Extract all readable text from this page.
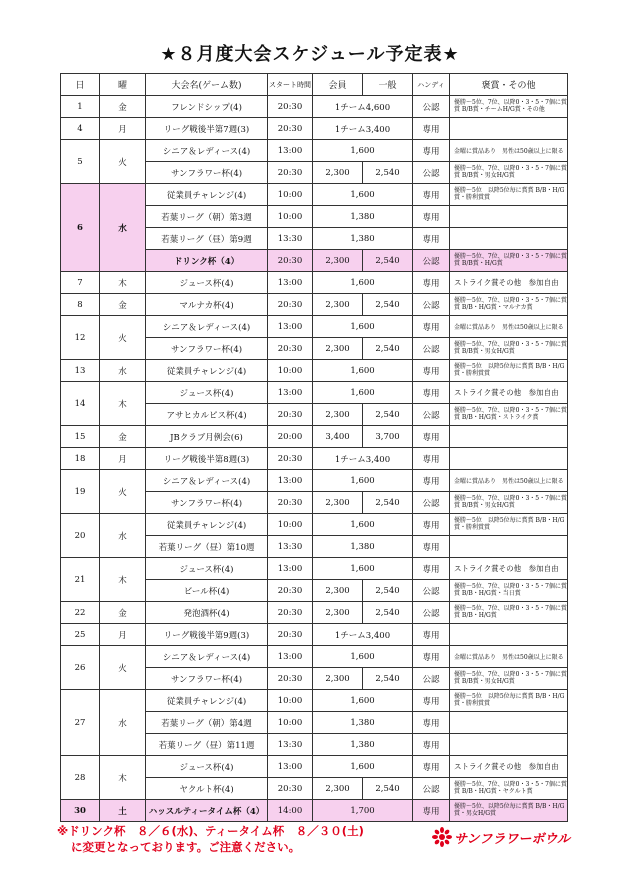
★８月度大会スケジュール予定表★
日	曜	大会名(ゲーム数)	スタート時間	会員	一般	ハンディ	褒賞・その他
1	金	フレンドシップ(4)	20:30	1チーム4,600		公認	優勝～5位、7位、以降0・3・5・7個に賞賞 B/B賞・チームH/G賞・その他
4	月	リーグ戦後半第7週(3)	20:30	1チーム3,400		専用	
5	火	シニア＆レディース(4)	13:00	1,600		専用	金曜に賞品あり　男性は50歳以上に限る
		サンフラワー杯(4)	20:30	2,300	2,540	公認	優勝～5位、7位、以降0・3・5・7個に賞賞 B/B賞・男女H/G賞
6	水	従業員チャレンジ(4)	10:00	1,600		専用	優勝～5位　以降5位毎に賞賞 B/B・H/G賞・勝利賞賞
		若葉リーグ（朝）第3週	10:00	1,380		専用	
		若葉リーグ（昼）第9週	13:30	1,380		専用	
		ドリンク杯（4）	20:30	2,300	2,540	公認	優勝～5位、7位、以降0・3・5・7個に賞賞 B/B賞・H/G賞
7	木	ジュース杯(4)	13:00	1,600		専用	ストライク賞その他　参加自由
8	金	マルナカ杯(4)	20:30	2,300	2,540	公認	優勝～5位、7位、以降0・3・5・7個に賞賞 B/B・H/G賞・マルナカ賞
12	火	シニア＆レディース(4)	13:00	1,600		専用	金曜に賞品あり　男性は50歳以上に限る
		サンフラワー杯(4)	20:30	2,300	2,540	公認	優勝～5位、7位、以降0・3・5・7個に賞賞 B/B賞・男女H/G賞
13	水	従業員チャレンジ(4)	10:00	1,600		専用	優勝～5位　以降5位毎に賞賞 B/B・H/G賞・勝利賞賞
14	木	ジュース杯(4)	13:00	1,600		専用	ストライク賞その他　参加自由
		アサヒカルピス杯(4)	20:30	2,300	2,540	公認	優勝～5位、7位、以降0・3・5・7個に賞賞 B/B・H/G賞・ストライク賞
15	金	JBクラブ月例会(6)	20:00	3,400	3,700	専用	
18	月	リーグ戦後半第8週(3)	20:30	1チーム3,400		専用	
19	火	シニア＆レディース(4)	13:00	1,600		専用	金曜に賞品あり　男性は50歳以上に限る
		サンフラワー杯(4)	20:30	2,300	2,540	公認	優勝～5位、7位、以降0・3・5・7個に賞賞 B/B賞・男女H/G賞
20	水	従業員チャレンジ(4)	10:00	1,600		専用	優勝～5位　以降5位毎に賞賞 B/B・H/G賞・勝利賞賞
		若葉リーグ（昼）第10週	13:30	1,380		専用	
21	木	ジュース杯(4)	13:00	1,600		専用	ストライク賞その他　参加自由
		ビール杯(4)	20:30	2,300	2,540	公認	優勝～5位、7位、以降0・3・5・7個に賞賞 B/B・H/G賞・当日賞
22	金	発泡酒杯(4)	20:30	2,300	2,540	公認	優勝～5位、7位、以降0・3・5・7個に賞賞 B/B・H/G賞
25	月	リーグ戦後半第9週(3)	20:30	1チーム3,400		専用	
26	火	シニア＆レディース(4)	13:00	1,600		専用	金曜に賞品あり　男性は50歳以上に限る
		サンフラワー杯(4)	20:30	2,300	2,540	公認	優勝～5位、7位、以降0・3・5・7個に賞賞 B/B賞・男女H/G賞
27	水	従業員チャレンジ(4)	10:00	1,600		専用	優勝～5位　以降5位毎に賞賞 B/B・H/G賞・勝利賞賞
		若葉リーグ（朝）第4週	10:00	1,380		専用	
		若葉リーグ（昼）第11週	13:30	1,380		専用	
28	木	ジュース杯(4)	13:00	1,600		専用	ストライク賞その他　参加自由
		ヤクルト杯(4)	20:30	2,300	2,540	公認	優勝～5位、7位、以降0・3・5・7個に賞賞 B/B・H/G賞・ヤクルト賞
30	土	ハッスルティータイム杯（4）	14:00	1,700		専用	優勝～5位、以降5位毎に賞賞 B/B・H/G賞・男女H/G賞
※ドリンク杯　８／６(水)、ティータイム杯　８／３０(土)
に変更となっております。ご注意ください。	サンフラワーボウル
